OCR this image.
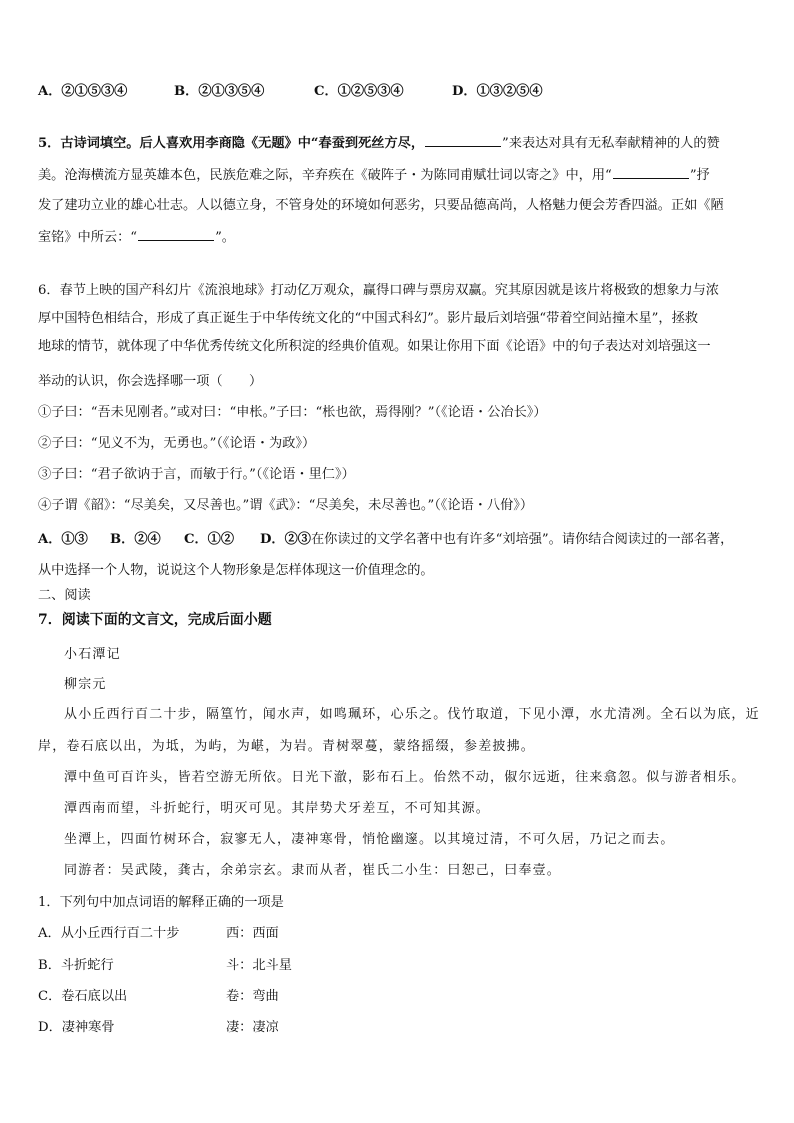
A．②①⑤③④	B．②①③⑤④	C．①②⑤③④	D．①③②⑤④
5．古诗词填空。后人喜欢用李商隐《无题》中“春蚕到死丝方尽，	”来表达对具有无私奉献精神的人的赞
美。沧海横流方显英雄本色，民族危难之际，辛弃疾在《破阵子・为陈同甫赋壮词以寄之》中，用“	”抒
发了建功立业的雄心壮志。人以德立身，不管身处的环境如何恶劣，只要品德高尚，人格魅力便会芳香四溢。正如《陋
室铭》中所云：“	”。
6．春节上映的国产科幻片《流浪地球》打动亿万观众，赢得口碑与票房双赢。究其原因就是该片将极致的想象力与浓
厚中国特色相结合，形成了真正诞生于中华传统文化的“中国式科幻”。影片最后刘培强“带着空间站撞木星”，拯救
地球的情节，就体现了中华优秀传统文化所积淀的经典价值观。如果让你用下面《论语》中的句子表达对刘培强这一
举动的认识，你会选择哪一项（　　）
①子曰：“吾未见刚者。”或对曰：“申枨。”子曰：“枨也欲，焉得刚？”（《论语・公冶长》）
②子曰：“见义不为，无勇也。”（《论语・为政》）
③子曰：“君子欲讷于言，而敏于行。”（《论语・里仁》）
④子谓《韶》：“尽美矣，又尽善也。”谓《武》：“尽美矣，未尽善也。”（《论语・八佾》）
A．①③ B．②④ C．①② D．②③在你读过的文学名著中也有许多“刘培强”。请你结合阅读过的一部名著，
从中选择一个人物，说说这个人物形象是怎样体现这一价值理念的。
二、阅读
7．阅读下面的文言文，完成后面小题
小石潭记
柳宗元
从小丘西行百二十步，隔篁竹，闻水声，如鸣珮环，心乐之。伐竹取道，下见小潭，水尤清冽。全石以为底，近
岸，卷石底以出，为坻，为屿，为嵁，为岩。青树翠蔓，蒙络摇缀，参差披拂。
潭中鱼可百许头，皆若空游无所依。日光下澈，影布石上。佁然不动，俶尔远逝，往来翕忽。似与游者相乐。
潭西南而望，斗折蛇行，明灭可见。其岸势犬牙差互，不可知其源。
坐潭上，四面竹树环合，寂寥无人，凄神寒骨，悄怆幽邃。以其境过清，不可久居，乃记之而去。
同游者：吴武陵，龚古，余弟宗玄。隶而从者，崔氏二小生：曰恕己，曰奉壹。
1．下列句中加点词语的解释正确的一项是
A．从小丘西行百二十步	西：西面
B．斗折蛇行	斗：北斗星
C．卷石底以出	卷：弯曲
D．凄神寒骨	凄：凄凉
